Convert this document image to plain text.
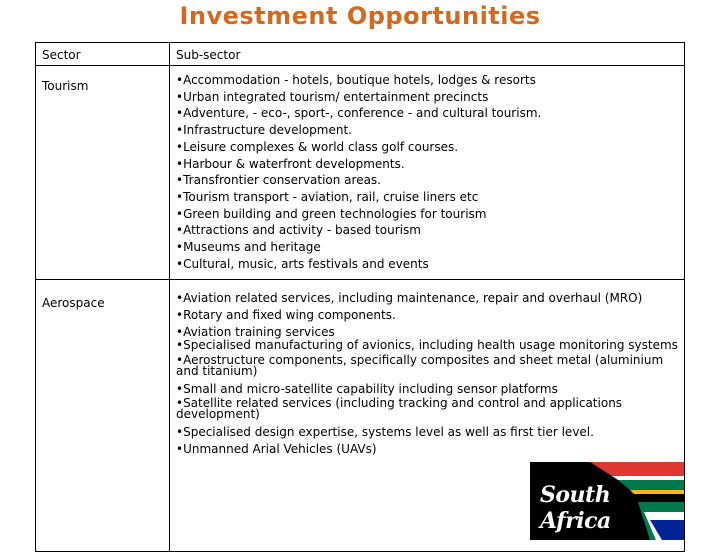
Investment Opportunities
Sector	Sub-sector
Tourism	•Accommodation - hotels, boutique hotels, lodges & resorts
•Urban integrated tourism/ entertainment precincts
•Adventure, - eco-, sport-, conference - and cultural tourism.
•Infrastructure development.
•Leisure complexes & world class golf courses.
•Harbour & waterfront developments.
•Transfrontier conservation areas.
•Tourism transport - aviation, rail, cruise liners etc
•Green building and green technologies for tourism
•Attractions and activity - based tourism
•Museums and heritage
•Cultural, music, arts festivals and events
Aerospace	•Aviation related services, including maintenance, repair and overhaul (MRO)
•Rotary and fixed wing components.
•Aviation training services
•Specialised manufacturing of avionics, including health usage monitoring systems
•Aerostructure components, specifically composites and sheet metal (aluminium and titanium)
•Small and micro-satellite capability including sensor platforms
•Satellite related services (including tracking and control and applications development)
•Specialised design expertise, systems level as well as first tier level.
•Unmanned Arial Vehicles (UAVs)
South Africa
